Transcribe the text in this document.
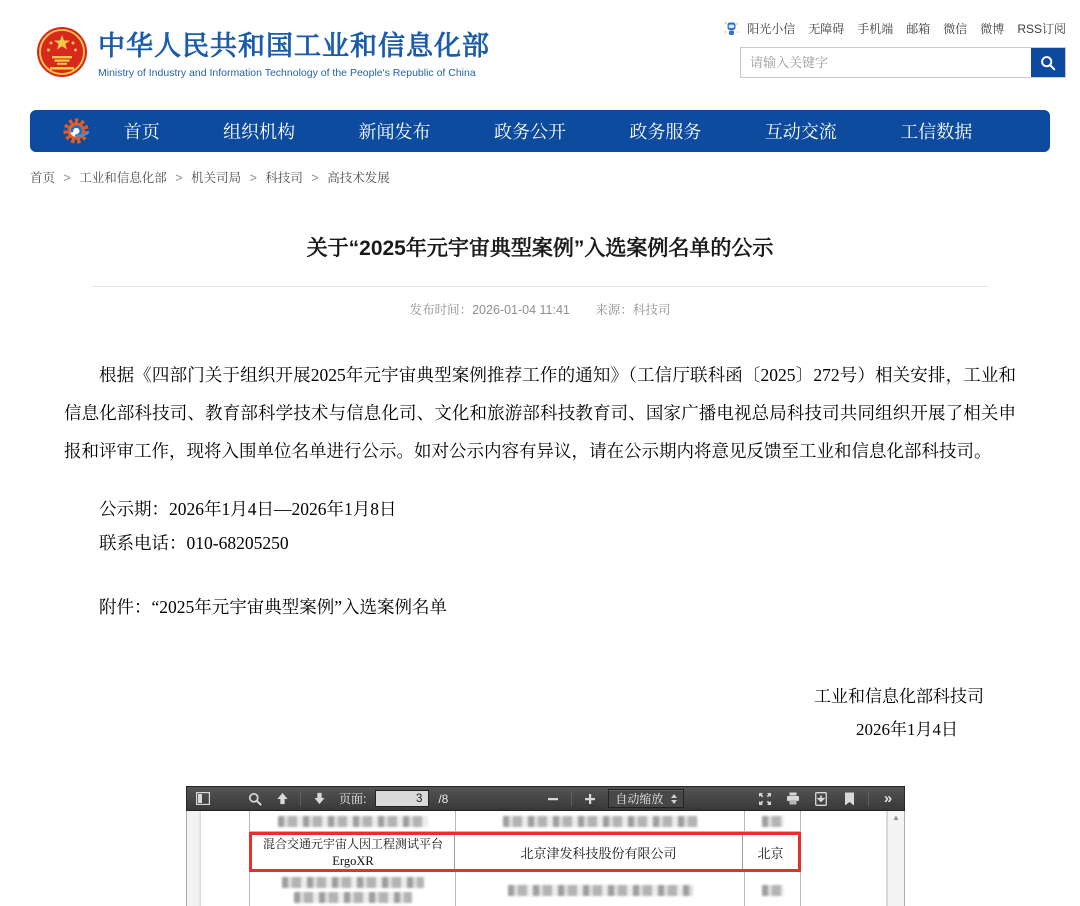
中华人民共和国工业和信息化部
Ministry of Industry and Information Technology of the People's Republic of China
阳光小信 无障碍 手机端 邮箱 微信 微博 RSS订阅
请输入关键字
首页	组织机构	新闻发布	政务公开	政务服务	互动交流	工信数据
首页 > 工业和信息化部 > 机关司局 > 科技司 > 高技术发展
关于“2025年元宇宙典型案例”入选案例名单的公示
发布时间：2026-01-04 11:41 来源：科技司

根据《四部门关于组织开展2025年元宇宙典型案例推荐工作的通知》（工信厅联科函〔2025〕272号）相关安排，工业和信息化部科技司、教育部科学技术与信息化司、文化和旅游部科技教育司、国家广播电视总局科技司共同组织开展了相关申报和评审工作，现将入围单位名单进行公示。如对公示内容有异议，请在公示期内将意见反馈至工业和信息化部科技司。

公示期：2026年1月4日—2026年1月8日
联系电话：010-68205250
附件：“2025年元宇宙典型案例”入选案例名单
工业和信息化部科技司
2026年1月4日
页面:
3	/8	自动缩放	»
混合交通元宇宙人因工程测试平台
ErgoXR	北京津发科技股份有限公司	北京
▲
